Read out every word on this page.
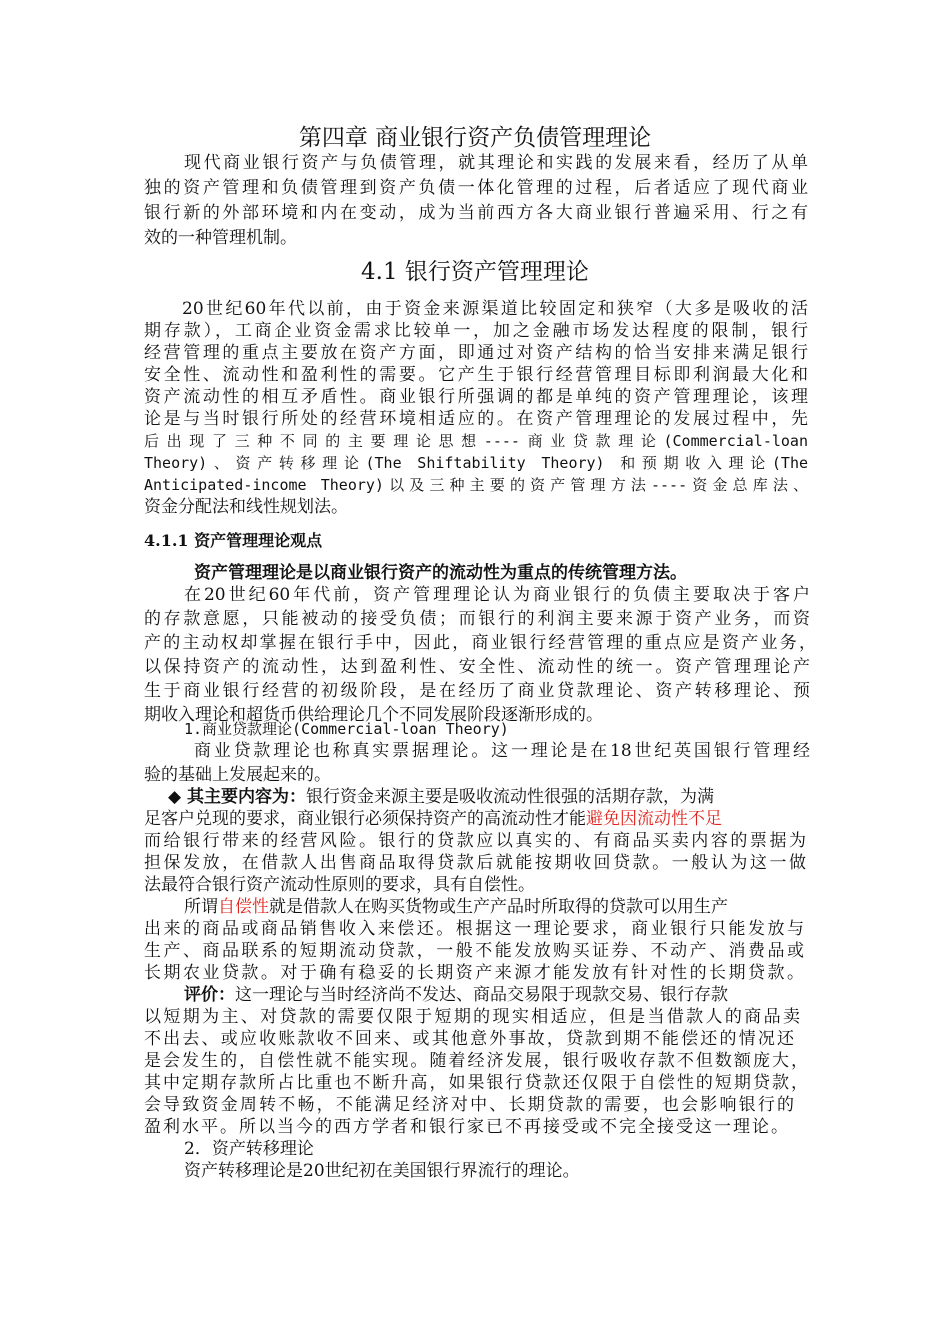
第四章 商业银行资产负债管理理论
现代商业银行资产与负债管理，就其理论和实践的发展来看，经历了从单
独的资产管理和负债管理到资产负债一体化管理的过程，后者适应了现代商业
银行新的外部环境和内在变动，成为当前西方各大商业银行普遍采用、行之有
效的一种管理机制。
4.1 银行资产管理理论
20世纪60年代以前，由于资金来源渠道比较固定和狭窄（大多是吸收的活
期存款），工商企业资金需求比较单一，加之金融市场发达程度的限制，银行
经营管理的重点主要放在资产方面，即通过对资产结构的恰当安排来满足银行
安全性、流动性和盈利性的需要。它产生于银行经营管理目标即利润最大化和
资产流动性的相互矛盾性。商业银行所强调的都是单纯的资产管理理论，该理
论是与当时银行所处的经营环境相适应的。在资产管理理论的发展过程中，先
后出现了三种不同的主要理论思想----商业贷款理论(Commercial-loan
Theory)、资产转移理论(The Shiftability Theory) 和预期收入理论(The
Anticipated-income Theory)以及三种主要的资产管理方法----资金总库法、
资金分配法和线性规划法。
4.1.1 资产管理理论观点
资产管理理论是以商业银行资产的流动性为重点的传统管理方法。
在20世纪60年代前，资产管理理论认为商业银行的负债主要取决于客户
的存款意愿，只能被动的接受负债；而银行的利润主要来源于资产业务，而资
产的主动权却掌握在银行手中，因此，商业银行经营管理的重点应是资产业务，
以保持资产的流动性，达到盈利性、安全性、流动性的统一。资产管理理论产
生于商业银行经营的初级阶段，是在经历了商业贷款理论、资产转移理论、预
期收入理论和超货币供给理论几个不同发展阶段逐渐形成的。
1.商业贷款理论(Commercial-loan Theory)
商业贷款理论也称真实票据理论。这一理论是在18世纪英国银行管理经
验的基础上发展起来的。
◆ 其主要内容为：银行资金来源主要是吸收流动性很强的活期存款，为满
足客户兑现的要求，商业银行必须保持资产的高流动性才能避免因流动性不足
而给银行带来的经营风险。银行的贷款应以真实的、有商品买卖内容的票据为
担保发放，在借款人出售商品取得贷款后就能按期收回贷款。一般认为这一做
法最符合银行资产流动性原则的要求，具有自偿性。
所谓自偿性就是借款人在购买货物或生产产品时所取得的贷款可以用生产
出来的商品或商品销售收入来偿还。根据这一理论要求，商业银行只能发放与
生产、商品联系的短期流动贷款，一般不能发放购买证券、不动产、消费品或
长期农业贷款。对于确有稳妥的长期资产来源才能发放有针对性的长期贷款。
评价：这一理论与当时经济尚不发达、商品交易限于现款交易、银行存款
以短期为主、对贷款的需要仅限于短期的现实相适应，但是当借款人的商品卖
不出去、或应收账款收不回来、或其他意外事故，贷款到期不能偿还的情况还
是会发生的，自偿性就不能实现。随着经济发展，银行吸收存款不但数额庞大，
其中定期存款所占比重也不断升高，如果银行贷款还仅限于自偿性的短期贷款，
会导致资金周转不畅，不能满足经济对中、长期贷款的需要，也会影响银行的
盈利水平。所以当今的西方学者和银行家已不再接受或不完全接受这一理论。
2．资产转移理论
资产转移理论是20世纪初在美国银行界流行的理论。
